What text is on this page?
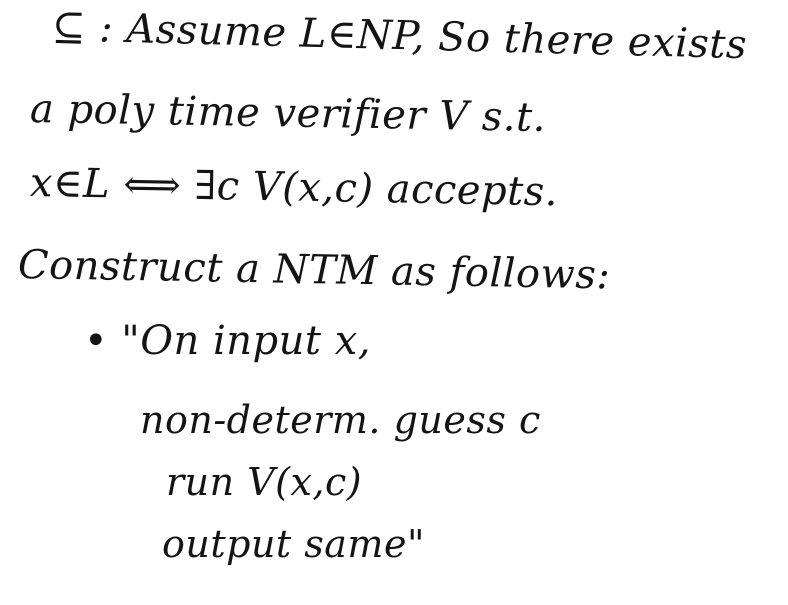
⊆ : Assume L∈NP, So there exists
a poly time verifier V s.t.
x∈L ⟺ ∃c V(x,c) accepts.
Construct a NTM as follows:
• "On input x,
non-determ. guess c
run V(x,c)
output same"
